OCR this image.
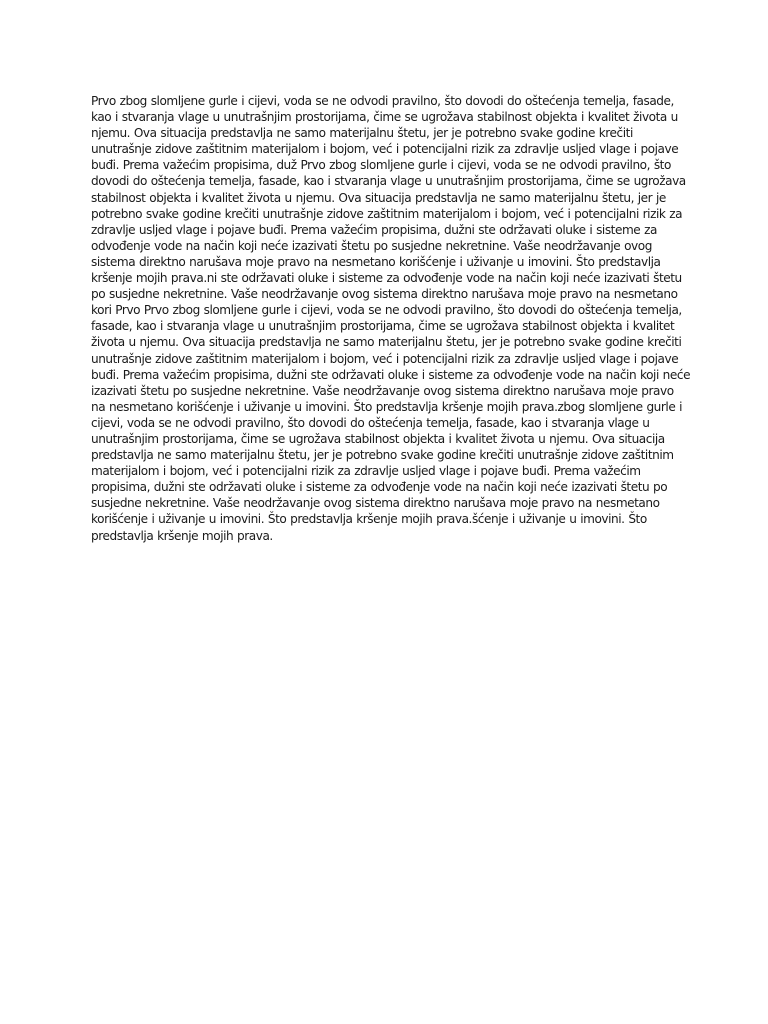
Prvo zbog slomljene gurle i cijevi, voda se ne odvodi pravilno, što dovodi do oštećenja temelja, fasade,
kao i stvaranja vlage u unutrašnjim prostorijama, čime se ugrožava stabilnost objekta i kvalitet života u
njemu. Ova situacija predstavlja ne samo materijalnu štetu, jer je potrebno svake godine krečiti
unutrašnje zidove zaštitnim materijalom i bojom, već i potencijalni rizik za zdravlje usljed vlage i pojave
buđi. Prema važećim propisima, duž Prvo zbog slomljene gurle i cijevi, voda se ne odvodi pravilno, što
dovodi do oštećenja temelja, fasade, kao i stvaranja vlage u unutrašnjim prostorijama, čime se ugrožava
stabilnost objekta i kvalitet života u njemu. Ova situacija predstavlja ne samo materijalnu štetu, jer je
potrebno svake godine krečiti unutrašnje zidove zaštitnim materijalom i bojom, već i potencijalni rizik za
zdravlje usljed vlage i pojave buđi. Prema važećim propisima, dužni ste održavati oluke i sisteme za
odvođenje vode na način koji neće izazivati štetu po susjedne nekretnine. Vaše neodržavanje ovog
sistema direktno narušava moje pravo na nesmetano korišćenje i uživanje u imovini. Što predstavlja
kršenje mojih prava.ni ste održavati oluke i sisteme za odvođenje vode na način koji neće izazivati štetu
po susjedne nekretnine. Vaše neodržavanje ovog sistema direktno narušava moje pravo na nesmetano
kori Prvo Prvo zbog slomljene gurle i cijevi, voda se ne odvodi pravilno, što dovodi do oštećenja temelja,
fasade, kao i stvaranja vlage u unutrašnjim prostorijama, čime se ugrožava stabilnost objekta i kvalitet
života u njemu. Ova situacija predstavlja ne samo materijalnu štetu, jer je potrebno svake godine krečiti
unutrašnje zidove zaštitnim materijalom i bojom, već i potencijalni rizik za zdravlje usljed vlage i pojave
buđi. Prema važećim propisima, dužni ste održavati oluke i sisteme za odvođenje vode na način koji neće
izazivati štetu po susjedne nekretnine. Vaše neodržavanje ovog sistema direktno narušava moje pravo
na nesmetano korišćenje i uživanje u imovini. Što predstavlja kršenje mojih prava.zbog slomljene gurle i
cijevi, voda se ne odvodi pravilno, što dovodi do oštećenja temelja, fasade, kao i stvaranja vlage u
unutrašnjim prostorijama, čime se ugrožava stabilnost objekta i kvalitet života u njemu. Ova situacija
predstavlja ne samo materijalnu štetu, jer je potrebno svake godine krečiti unutrašnje zidove zaštitnim
materijalom i bojom, već i potencijalni rizik za zdravlje usljed vlage i pojave buđi. Prema važećim
propisima, dužni ste održavati oluke i sisteme za odvođenje vode na način koji neće izazivati štetu po
susjedne nekretnine. Vaše neodržavanje ovog sistema direktno narušava moje pravo na nesmetano
korišćenje i uživanje u imovini. Što predstavlja kršenje mojih prava.šćenje i uživanje u imovini. Što
predstavlja kršenje mojih prava.
